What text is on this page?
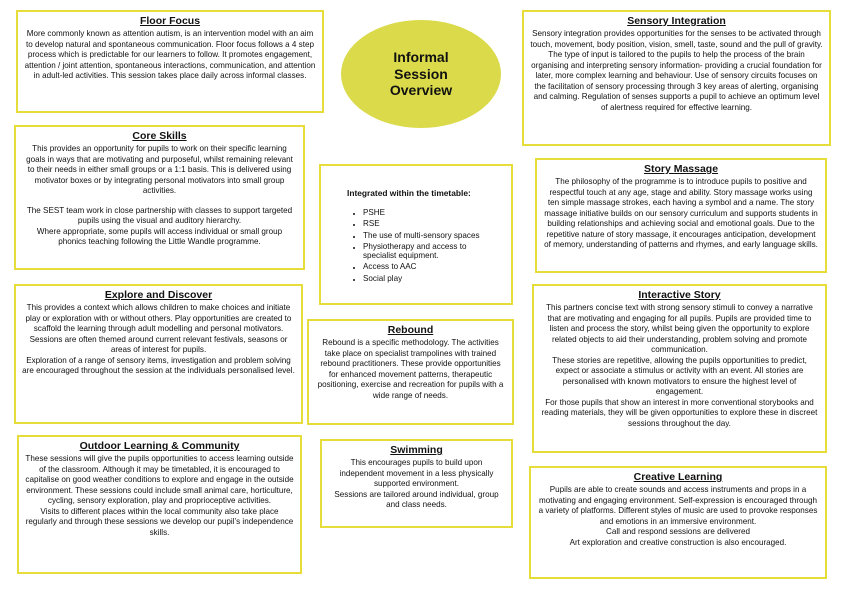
Floor Focus

More commonly known as attention autism, is an intervention model with an aim to develop natural and spontaneous communication. Floor focus follows a 4 step process which is predictable for our learners to follow. It promotes engagement, attention / joint attention, spontaneous interactions, communication, and attention in adult-led activities. This session takes place daily across informal classes.

Informal Session Overview
Sensory Integration

Sensory integration provides opportunities for the senses to be activated through touch, movement, body position, vision, smell, taste, sound and the pull of gravity. The type of input is tailored to the pupils to help the process of the brain organising and interpreting sensory information- providing a crucial foundation for later, more complex learning and behaviour. Use of sensory circuits focuses on the facilitation of sensory processing through 3 key areas of alerting, organising and calming. Regulation of senses supports a pupil to achieve an optimum level of alertness required for effective learning.

Core Skills

This provides an opportunity for pupils to work on their specific learning goals in ways that are motivating and purposeful, whilst remaining relevant to their needs in either small groups or a 1:1 basis. This is delivered using motivator boxes or by integrating personal motivators into small group activities.

The SEST team work in close partnership with classes to support targeted pupils using the visual and auditory hierarchy.

Where appropriate, some pupils will access individual or small group phonics teaching following the Little Wandle programme.

Integrated within the timetable:
• PSHE
• RSE
• The use of multi-sensory spaces
• Physiotherapy and access to specialist equipment.
• Access to AAC
• Social play
Story Massage

The philosophy of the programme is to introduce pupils to positive and respectful touch at any age, stage and ability. Story massage works using ten simple massage strokes, each having a symbol and a name. The story massage initiative builds on our sensory curriculum and supports students in building relationships and achieving social and emotional goals. Due to the repetitive nature of story massage, it encourages anticipation, development of memory, understanding of patterns and rhymes, and early language skills.

Explore and Discover

This provides a context which allows children to make choices and initiate play or exploration with or without others. Play opportunities are created to scaffold the learning through adult modelling and personal motivators. Sessions are often themed around current relevant festivals, seasons or areas of interest for pupils.

Exploration of a range of sensory items, investigation and problem solving are encouraged throughout the session at the individuals personalised level.

Rebound

Rebound is a specific methodology. The activities take place on specialist trampolines with trained rebound practitioners. These provide opportunities for enhanced movement patterns, therapeutic positioning, exercise and recreation for pupils with a wide range of needs.

Interactive Story

This partners concise text with strong sensory stimuli to convey a narrative that are motivating and engaging for all pupils. Pupils are provided time to listen and process the story, whilst being given the opportunity to explore related objects to aid their understanding, problem solving and promote communication.

These stories are repetitive, allowing the pupils opportunities to predict, expect or associate a stimulus or activity with an event. All stories are personalised with known motivators to ensure the highest level of engagement.

For those pupils that show an interest in more conventional storybooks and reading materials, they will be given opportunities to explore these in discreet sessions throughout the day.

Outdoor Learning & Community

These sessions will give the pupils opportunities to access learning outside of the classroom. Although it may be timetabled, it is encouraged to capitalise on good weather conditions to explore and engage in the outside environment. These sessions could include small animal care, horticulture, cycling, sensory exploration, play and proprioceptive activities.

Visits to different places within the local community also take place regularly and through these sessions we develop our pupil’s independence skills.

Swimming

This encourages pupils to build upon independent movement in a less physically supported environment.

Sessions are tailored around individual, group and class needs.

Creative Learning

Pupils are able to create sounds and access instruments and props in a motivating and engaging environment. Self-expression is encouraged through a variety of platforms. Different styles of music are used to provoke responses and emotions in an immersive environment.

Call and respond sessions are delivered

Art exploration and creative construction is also encouraged.
